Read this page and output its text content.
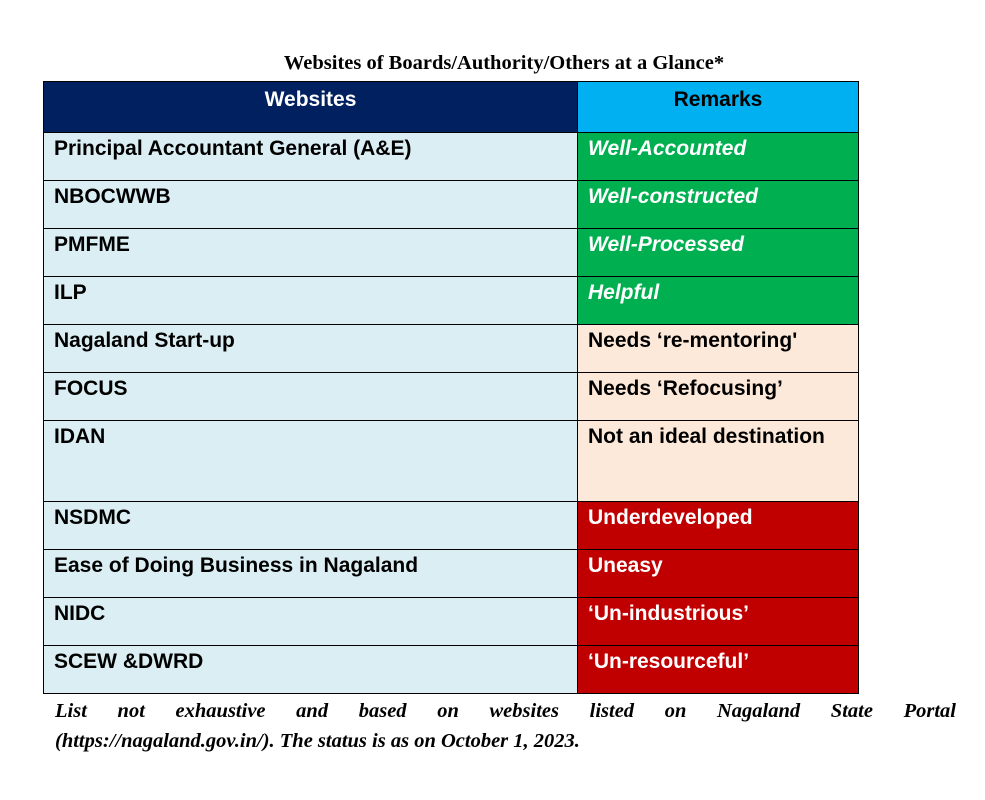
Websites of Boards/Authority/Others at a Glance*
Websites	Remarks
Principal Accountant General (A&E)	Well-Accounted
NBOCWWB	Well-constructed
PMFME	Well-Processed
ILP	Helpful
Nagaland Start-up	Needs ‘re-mentoring'
FOCUS	Needs ‘Refocusing’
IDAN	Not an ideal destination
NSDMC	Underdeveloped
Ease of Doing Business in Nagaland	Uneasy
NIDC	‘Un-industrious’
SCEW &DWRD	‘Un-resourceful’
List not exhaustive and based on websites listed on Nagaland State Portal
(https://nagaland.gov.in/). The status is as on October 1, 2023.
